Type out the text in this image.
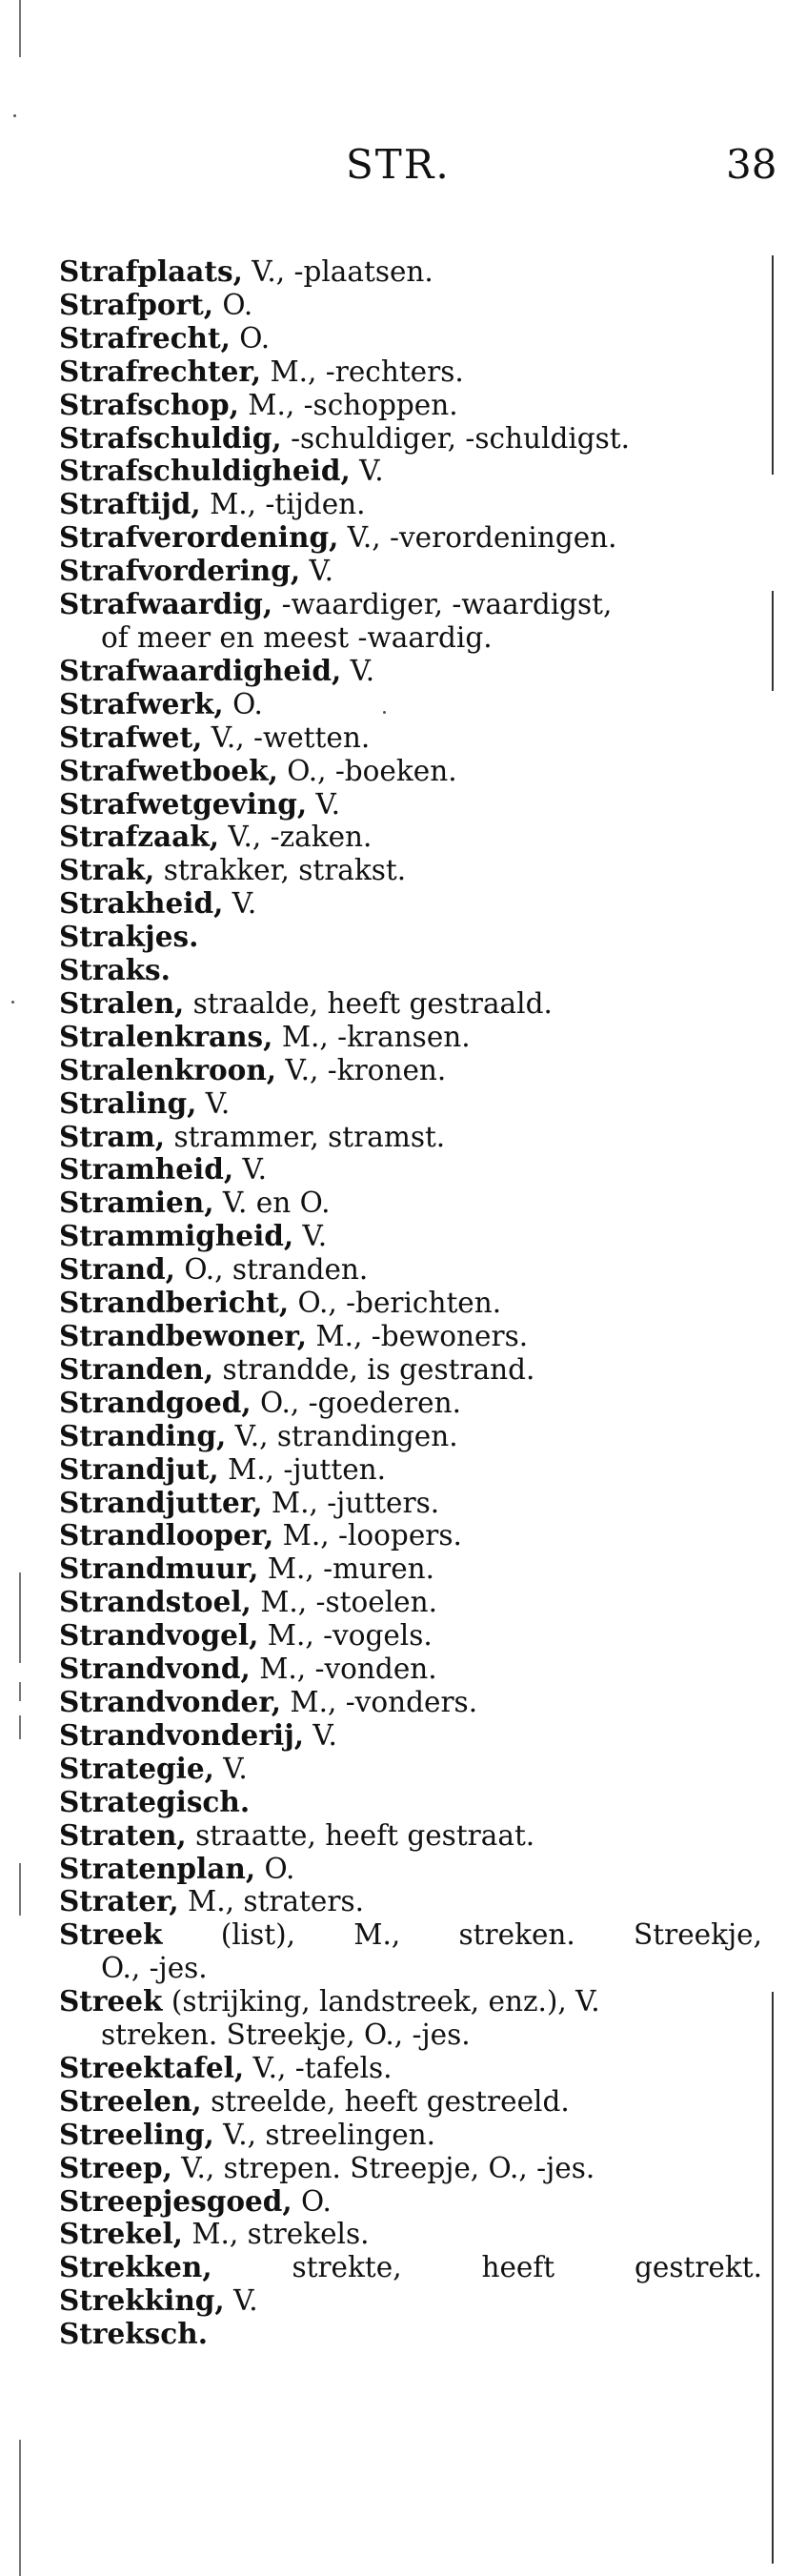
STR.	38
Strafplaats, V., -plaatsen.
Strafport, O.
Strafrecht, O.
Strafrechter, M., -rechters.
Strafschop, M., -schoppen.
Strafschuldig, -schuldiger, -schuldigst.
Strafschuldigheid, V.
Straftijd, M., -tijden.
Strafverordening, V., -verordeningen.
Strafvordering, V.
Strafwaardig, -waardiger, -waardigst,
of meer en meest -waardig.
Strafwaardigheid, V.
Strafwerk, O.
Strafwet, V., -wetten.
Strafwetboek, O., -boeken.
Strafwetgeving, V.
Strafzaak, V., -zaken.
Strak, strakker, strakst.
Strakheid, V.
Strakjes.
Straks.
Stralen, straalde, heeft gestraald.
Stralenkrans, M., -kransen.
Stralenkroon, V., -kronen.
Straling, V.
Stram, strammer, stramst.
Stramheid, V.
Stramien, V. en O.
Strammigheid, V.
Strand, O., stranden.
Strandbericht, O., -berichten.
Strandbewoner, M., -bewoners.
Stranden, strandde, is gestrand.
Strandgoed, O., -goederen.
Stranding, V., strandingen.
Strandjut, M., -jutten.
Strandjutter, M., -jutters.
Strandlooper, M., -loopers.
Strandmuur, M., -muren.
Strandstoel, M., -stoelen.
Strandvogel, M., -vogels.
Strandvond, M., -vonden.
Strandvonder, M., -vonders.
Strandvonderij, V.
Strategie, V.
Strategisch.
Straten, straatte, heeft gestraat.
Stratenplan, O.
Strater, M., straters.
Streek (list), M., streken. Streekje,
O., -jes.
Streek (strijking, landstreek, enz.), V.
streken. Streekje, O., -jes.
Streektafel, V., -tafels.
Streelen, streelde, heeft gestreeld.
Streeling, V., streelingen.
Streep, V., strepen. Streepje, O., -jes.
Streepjesgoed, O.
Strekel, M., strekels.
Strekken, strekte, heeft gestrekt.
Strekking, V.
Streksch.
